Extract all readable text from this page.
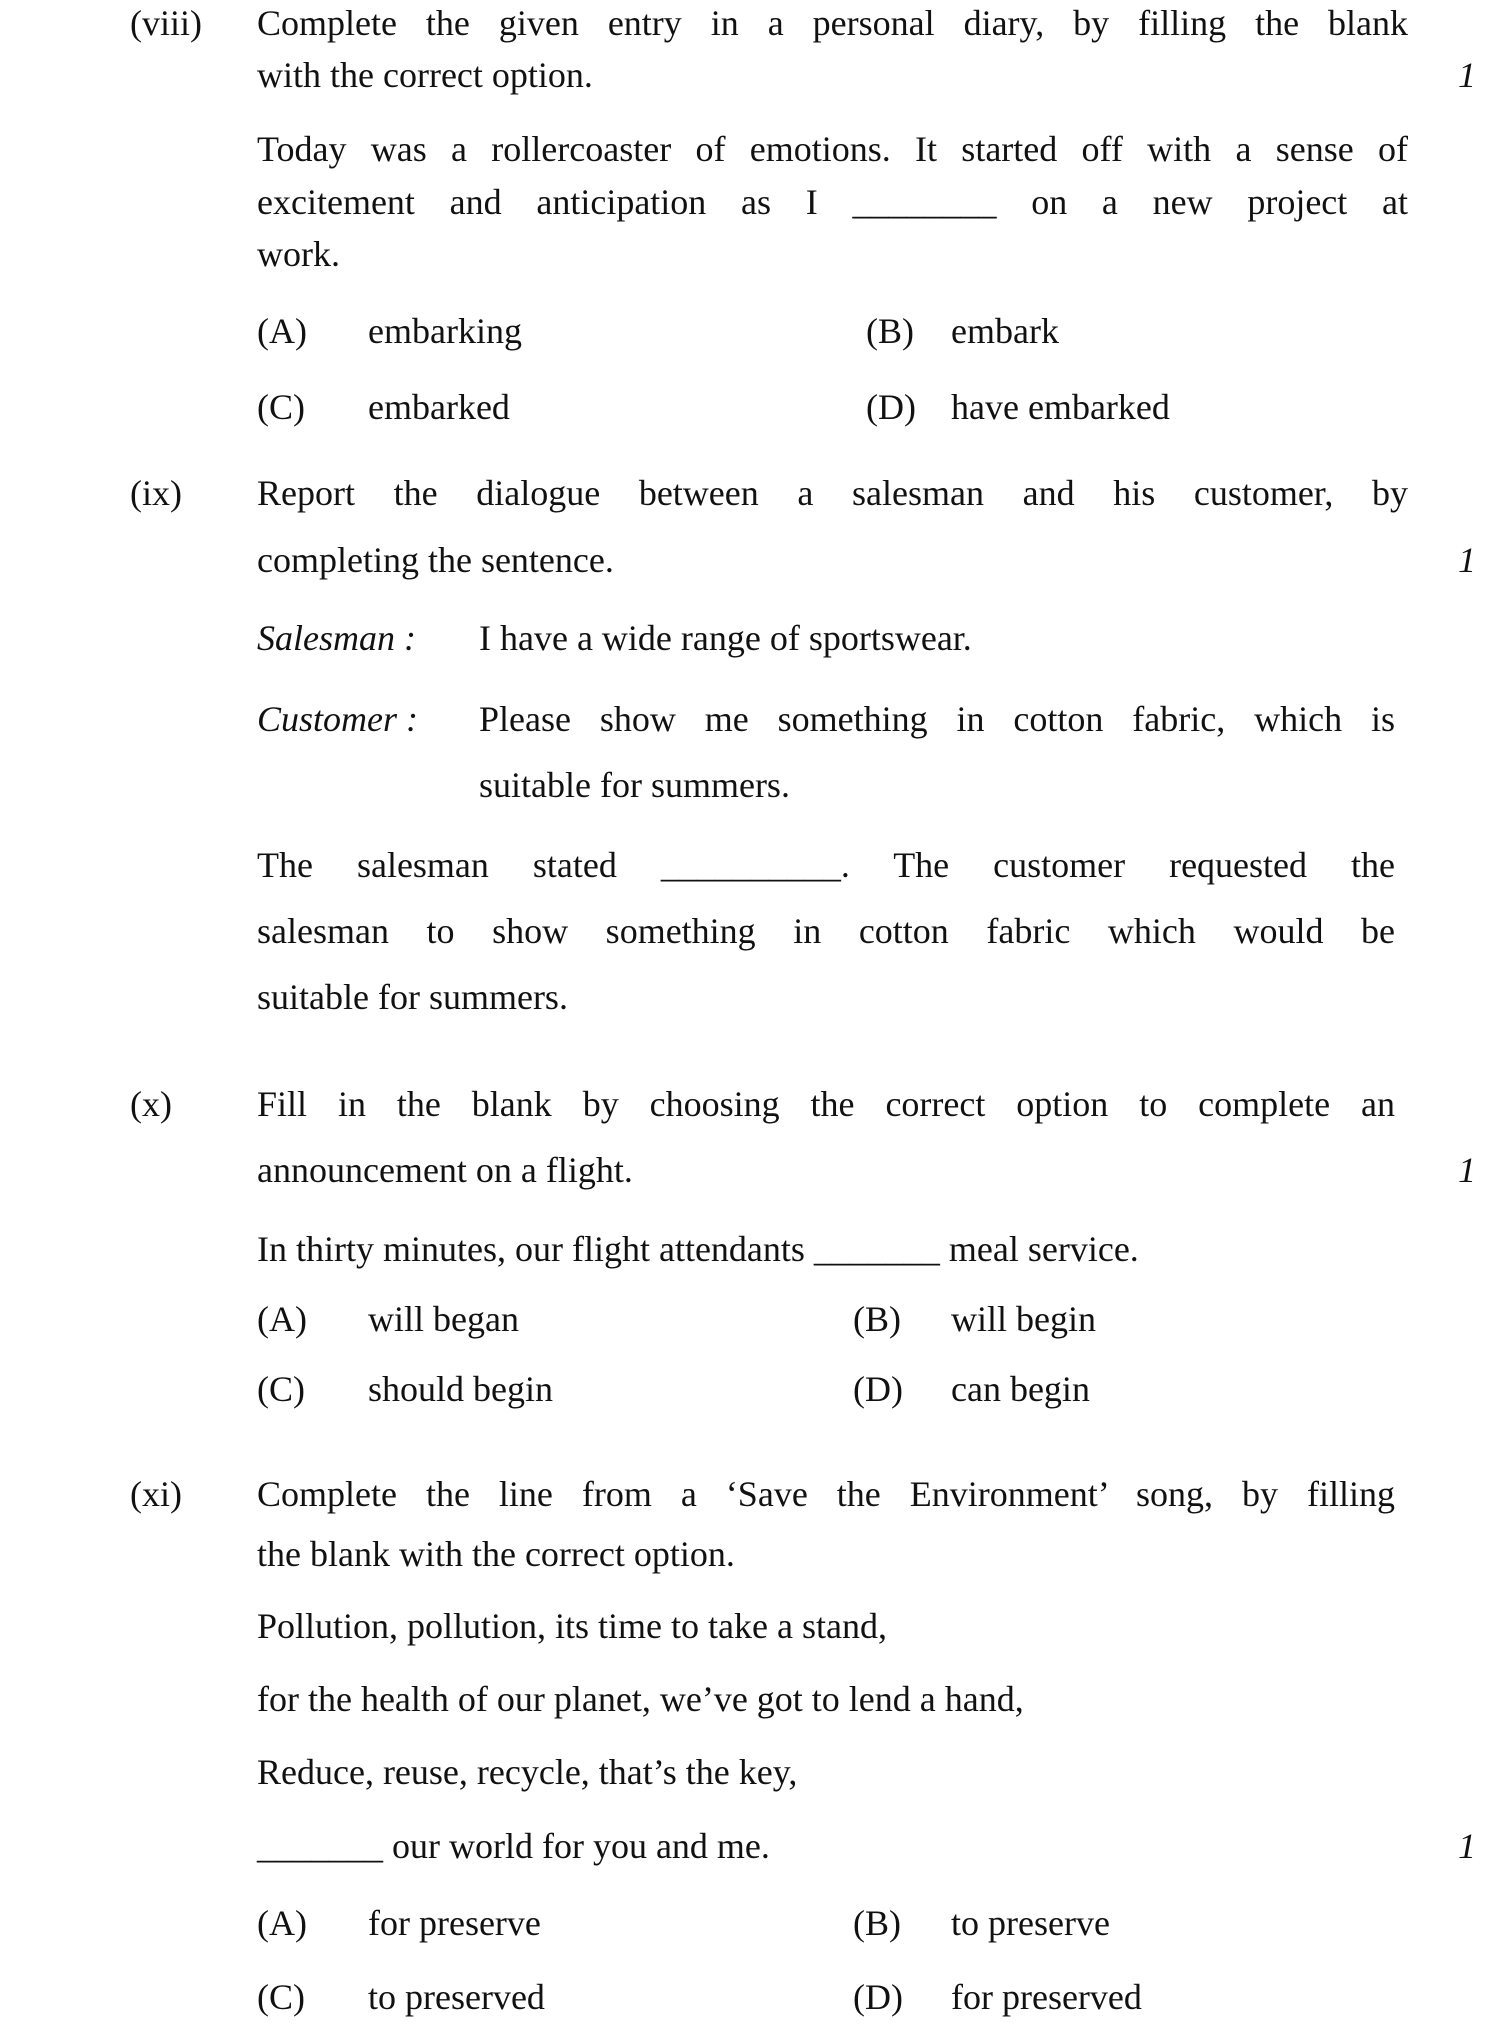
(viii) Complete the given entry in a personal diary, by filling the blank
with the correct option.	1
Today was a rollercoaster of emotions. It started off with a sense of
excitement and anticipation as I ________ on a new project at
work.
(A) embarking	(B) embark
(C) embarked	(D) have embarked
(ix) Report the dialogue between a salesman and his customer, by
completing the sentence.	1
Salesman : I have a wide range of sportswear.
Customer : Please show me something in cotton fabric, which is
suitable for summers.
The salesman stated __________. The customer requested the
salesman to show something in cotton fabric which would be
suitable for summers.
(x) Fill in the blank by choosing the correct option to complete an
announcement on a flight.	1
In thirty minutes, our flight attendants _______ meal service.
(A) will began	(B) will begin
(C) should begin	(D) can begin
(xi) Complete the line from a ‘Save the Environment’ song, by filling
the blank with the correct option.
Pollution, pollution, its time to take a stand,
for the health of our planet, we’ve got to lend a hand,
Reduce, reuse, recycle, that’s the key,
_______ our world for you and me.	1
(A) for preserve	(B) to preserve
(C) to preserved	(D) for preserved
